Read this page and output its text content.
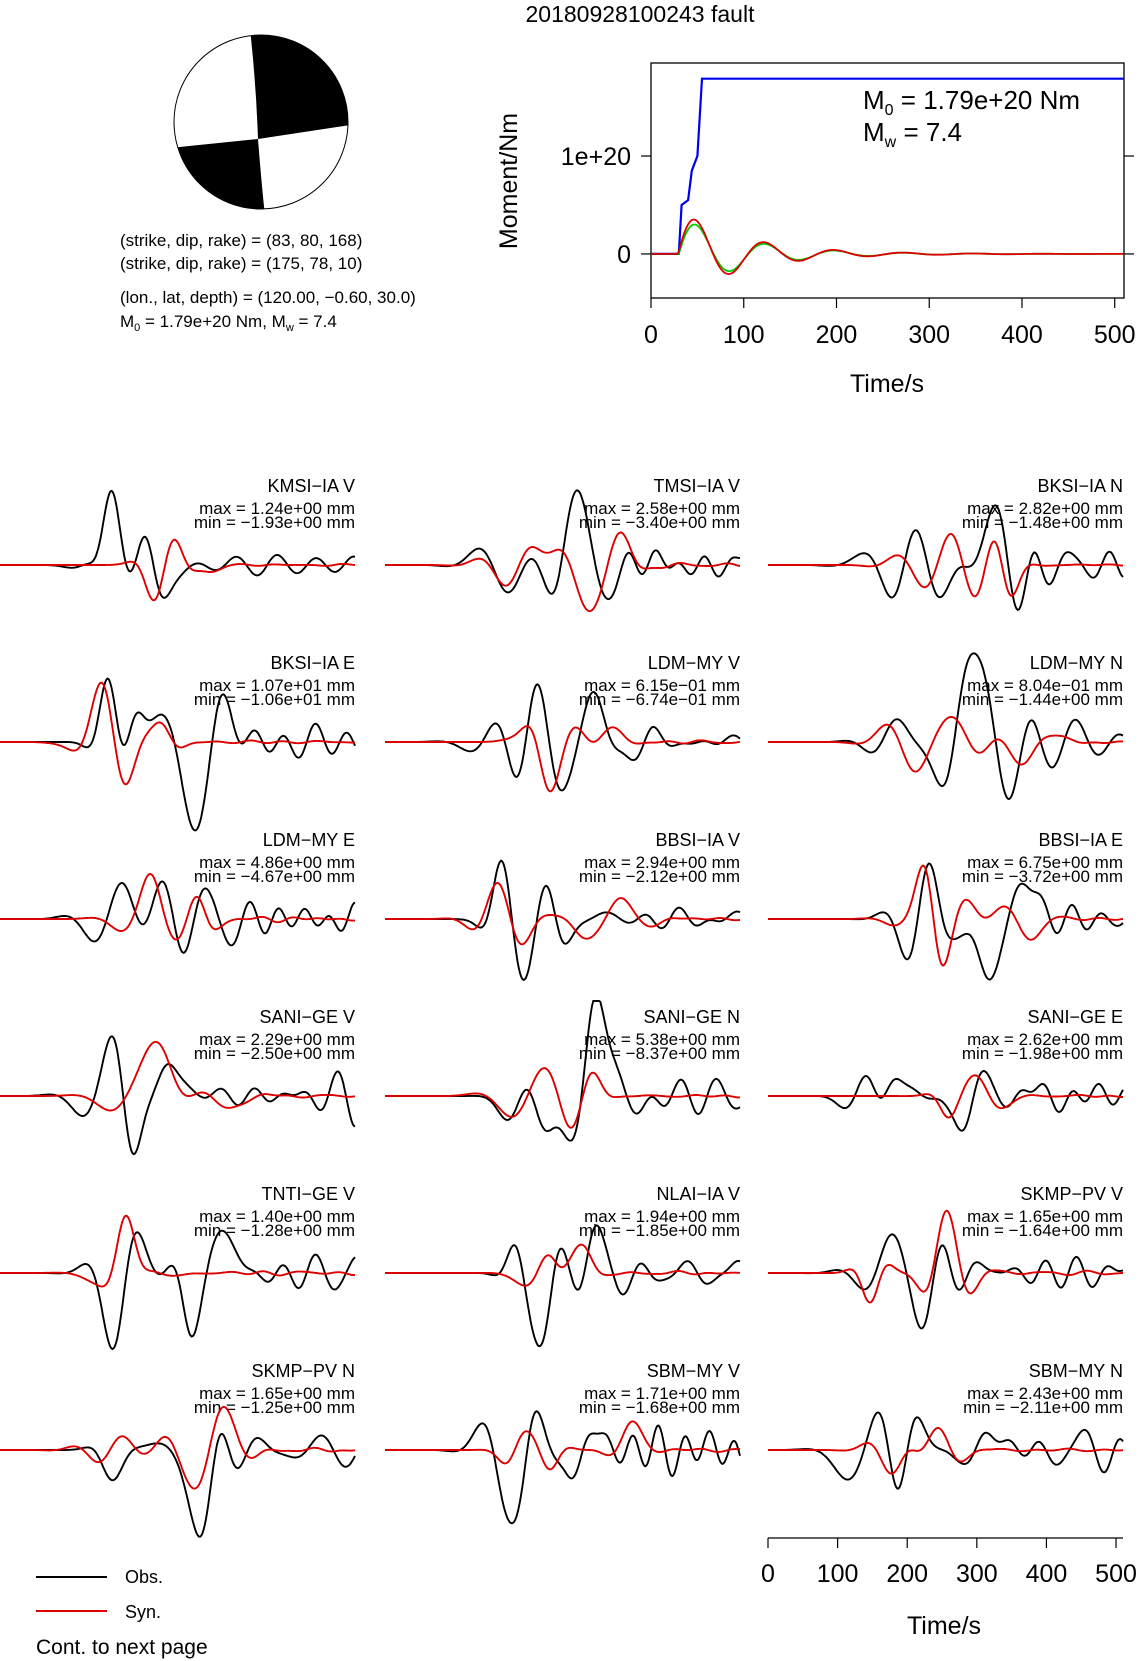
20180928100243 fault
(strike, dip, rake) = (83, 80, 168)
(strike, dip, rake) = (175, 78, 10)
(lon., lat, depth) = (120.00, −0.60, 30.0)
$M_0 = 1.79e+20$ Nm, $M_w = 7.4$	0	100 200 300 400 500
1e+20
0
Moment/Nm
Time/s
$M_0 = 1.79e+20$ Nm
$M_w = 7.4$
KMSI−IA V
max = 1.24e+00 mm
min = −1.93e+00 mm
TMSI−IA V
max = 2.58e+00 mm
min = −3.40e+00 mm
BKSI−IA N
max = 2.82e+00 mm
min = −1.48e+00 mm
BKSI−IA E
max = 1.07e+01 mm
min = −1.06e+01 mm
LDM−MY V
max = 6.15e−01 mm
min = −6.74e−01 mm
LDM−MY N
max = 8.04e−01 mm
min = −1.44e+00 mm
LDM−MY E
max = 4.86e+00 mm
min = −4.67e+00 mm
BBSI−IA V
max = 2.94e+00 mm
min = −2.12e+00 mm
BBSI−IA E
max = 6.75e+00 mm
min = −3.72e+00 mm
SANI−GE V
max = 2.29e+00 mm
min = −2.50e+00 mm
SANI−GE N
max = 5.38e+00 mm
min = −8.37e+00 mm
SANI−GE E
max = 2.62e+00 mm
min = −1.98e+00 mm
TNTI−GE V
max = 1.40e+00 mm
min = −1.28e+00 mm
NLAI−IA V
max = 1.94e+00 mm
min = −1.85e+00 mm
SKMP−PV V
max = 1.65e+00 mm
min = −1.64e+00 mm
SKMP−PV N
max = 1.65e+00 mm
min = −1.25e+00 mm
SBM−MY V
max = 1.71e+00 mm
min = −1.68e+00 mm
SBM−MY N
max = 2.43e+00 mm
min = −2.11e+00 mm
Time/s
0 100 200 300 400 500
Obs.
Syn.
Cont. to next page
